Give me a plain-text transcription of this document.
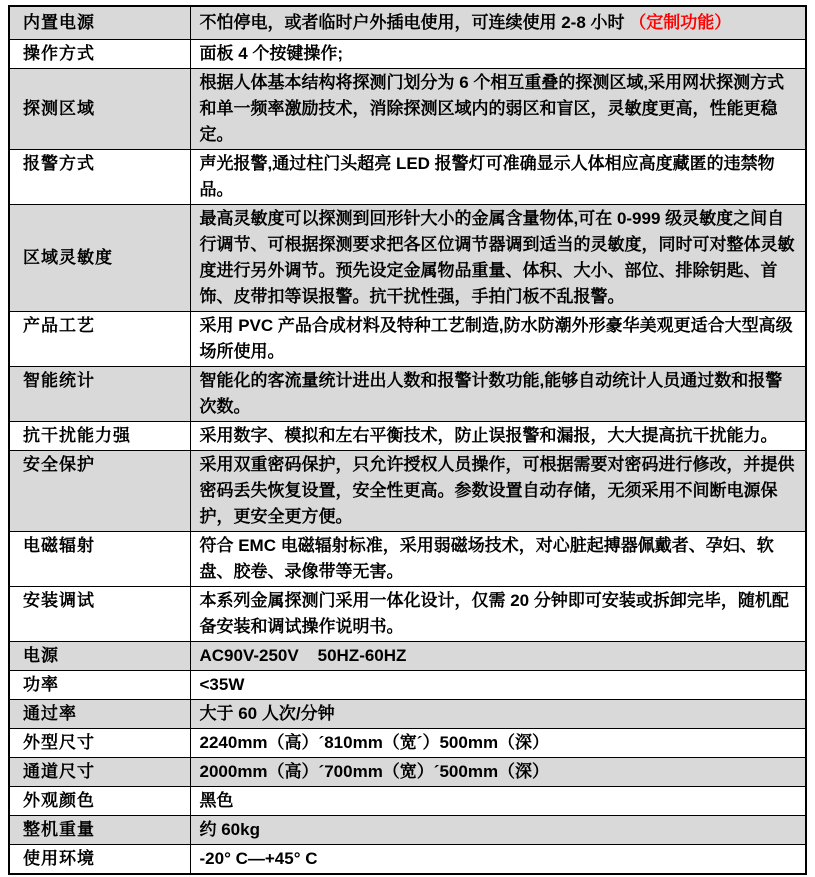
内置电源	不怕停电，或者临时户外插电使用，可连续使用 2-8 小时 （定制功能）
操作方式	面板 4 个按键操作;
探测区域	根据人体基本结构将探测门划分为 6 个相互重叠的探测区域,采用网状探测方式和单一频率激励技术，消除探测区域内的弱区和盲区，灵敏度更高，性能更稳定。
报警方式	声光报警,通过柱门头超亮 LED 报警灯可准确显示人体相应高度藏匿的违禁物品。
区域灵敏度	最高灵敏度可以探测到回形针大小的金属含量物体,可在 0-999 级灵敏度之间自行调节、可根据探测要求把各区位调节器调到适当的灵敏度，同时可对整体灵敏度进行另外调节。预先设定金属物品重量、体积、大小、部位、排除钥匙、首饰、皮带扣等误报警。抗干扰性强，手拍门板不乱报警。
产品工艺	采用 PVC 产品合成材料及特种工艺制造,防水防潮外形豪华美观更适合大型高级场所使用。
智能统计	智能化的客流量统计进出人数和报警计数功能,能够自动统计人员通过数和报警次数。
抗干扰能力强	采用数字、模拟和左右平衡技术，防止误报警和漏报，大大提高抗干扰能力。
安全保护	采用双重密码保护，只允许授权人员操作，可根据需要对密码进行修改，并提供密码丢失恢复设置，安全性更高。参数设置自动存储，无须采用不间断电源保护，更安全更方便。
电磁辐射	符合 EMC 电磁辐射标准，采用弱磁场技术，对心脏起搏器佩戴者、孕妇、软盘、胶卷、录像带等无害。
安装调试	本系列金属探测门采用一体化设计，仅需 20 分钟即可安装或拆卸完毕，随机配备安装和调试操作说明书。
电源	AC90V-250V    50HZ-60HZ
功率	<35W
通过率	大于 60 人次/分钟
外型尺寸	2240mm（高）´810mm（宽´）500mm（深）
通道尺寸	2000mm（高）´700mm（宽）´500mm（深）
外观颜色	黑色
整机重量	约 60kg
使用环境	-20° C—+45° C
